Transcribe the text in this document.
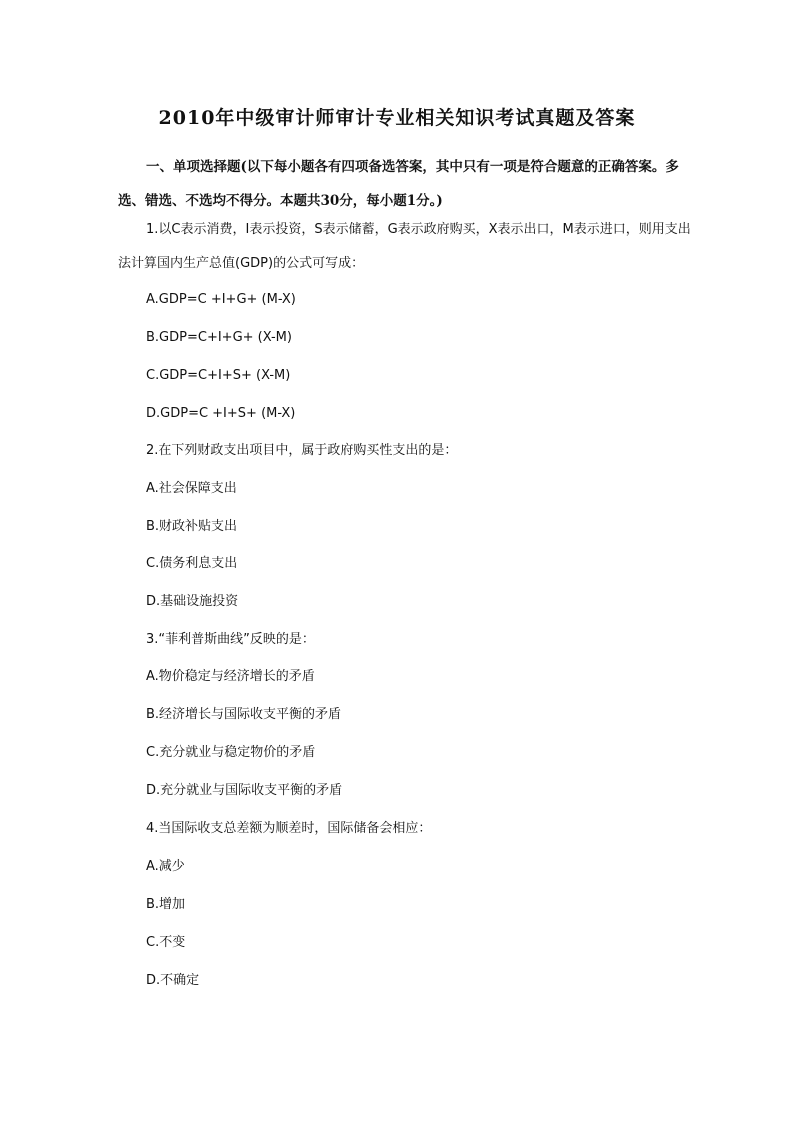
2010年中级审计师审计专业相关知识考试真题及答案

一、单项选择题(以下每小题各有四项备选答案，其中只有一项是符合题意的正确答案。多选、错选、不选均不得分。本题共30分，每小题1分。)

1.以C表示消费，I表示投资，S表示储蓄，G表示政府购买，X表示出口，M表示进口，则用支出法计算国内生产总值(GDP)的公式可写成：

A.GDP=C +I+G+ (M-X)

B.GDP=C+I+G+ (X-M)

C.GDP=C+I+S+ (X-M)

D.GDP=C +I+S+ (M-X)

2.在下列财政支出项目中，属于政府购买性支出的是：

A.社会保障支出

B.财政补贴支出

C.债务利息支出

D.基础设施投资

3.“菲利普斯曲线”反映的是：

A.物价稳定与经济增长的矛盾

B.经济增长与国际收支平衡的矛盾

C.充分就业与稳定物价的矛盾

D.充分就业与国际收支平衡的矛盾

4.当国际收支总差额为顺差时，国际储备会相应：

A.减少

B.增加

C.不变

D.不确定
